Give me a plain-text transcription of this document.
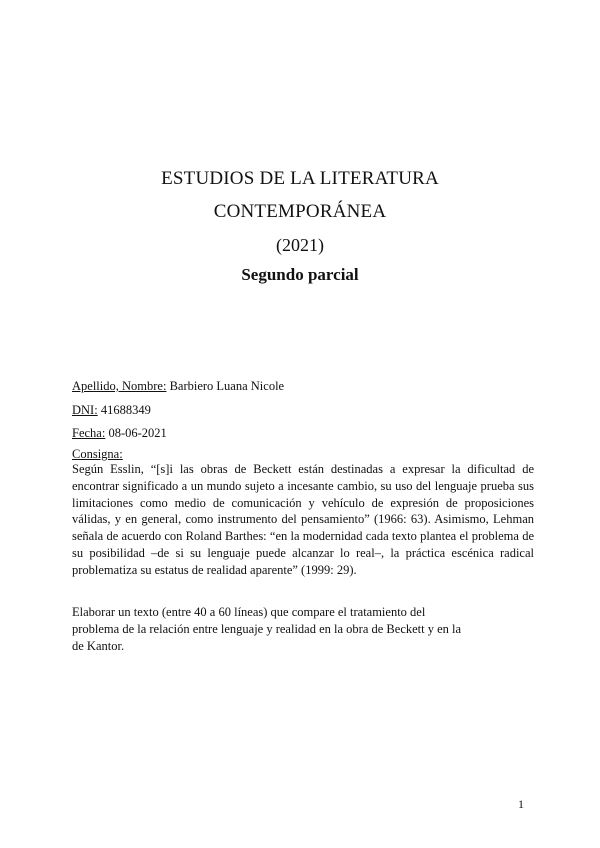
ESTUDIOS DE LA LITERATURA
CONTEMPORÁNEA
(2021)
Segundo parcial
Apellido, Nombre: Barbiero Luana Nicole
DNI: 41688349
Fecha: 08-06-2021
Consigna:
Según Esslin, “[s]i las obras de Beckett están destinadas a expresar la dificultad de encontrar significado a un mundo sujeto a incesante cambio, su uso del lenguaje prueba sus limitaciones como medio de comunicación y vehículo de expresión de proposiciones válidas, y en general, como instrumento del pensamiento” (1966: 63). Asimismo, Lehman señala de acuerdo con Roland Barthes: “en la modernidad cada texto plantea el problema de su posibilidad –de si su lenguaje puede alcanzar lo real–, la práctica escénica radical problematiza su estatus de realidad aparente” (1999: 29).
Elaborar un texto (entre 40 a 60 líneas) que compare el tratamiento del problema de la relación entre lenguaje y realidad en la obra de Beckett y en la de Kantor.
1
